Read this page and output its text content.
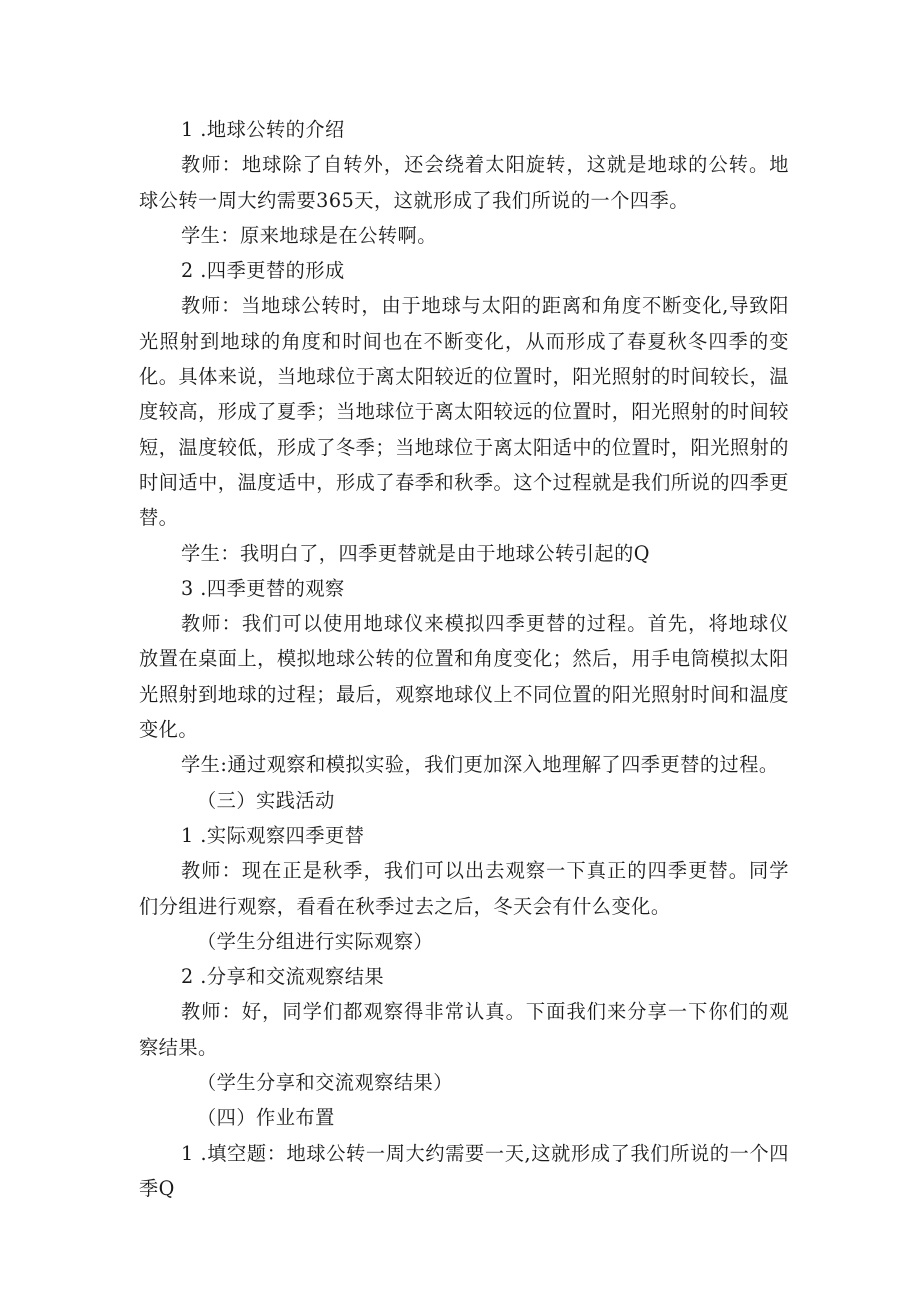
1 .地球公转的介绍

教师：地球除了自转外，还会绕着太阳旋转，这就是地球的公转。地球公转一周大约需要365天，这就形成了我们所说的一个四季。

学生：原来地球是在公转啊。

2 .四季更替的形成

教师：当地球公转时，由于地球与太阳的距离和角度不断变化,导致阳光照射到地球的角度和时间也在不断变化，从而形成了春夏秋冬四季的变化。具体来说，当地球位于离太阳较近的位置时，阳光照射的时间较长，温度较高，形成了夏季；当地球位于离太阳较远的位置时，阳光照射的时间较短，温度较低，形成了冬季；当地球位于离太阳适中的位置时，阳光照射的时间适中，温度适中，形成了春季和秋季。这个过程就是我们所说的四季更替。

学生：我明白了，四季更替就是由于地球公转引起的Q

3 .四季更替的观察

教师：我们可以使用地球仪来模拟四季更替的过程。首先，将地球仪放置在桌面上，模拟地球公转的位置和角度变化；然后，用手电筒模拟太阳光照射到地球的过程；最后，观察地球仪上不同位置的阳光照射时间和温度变化。

学生:通过观察和模拟实验，我们更加深入地理解了四季更替的过程。

（三）实践活动

1 .实际观察四季更替

教师：现在正是秋季，我们可以出去观察一下真正的四季更替。同学们分组进行观察，看看在秋季过去之后，冬天会有什么变化。

（学生分组进行实际观察）

2 .分享和交流观察结果

教师：好，同学们都观察得非常认真。下面我们来分享一下你们的观察结果。

（学生分享和交流观察结果）

（四）作业布置

1 .填空题：地球公转一周大约需要一天,这就形成了我们所说的一个四季Q
